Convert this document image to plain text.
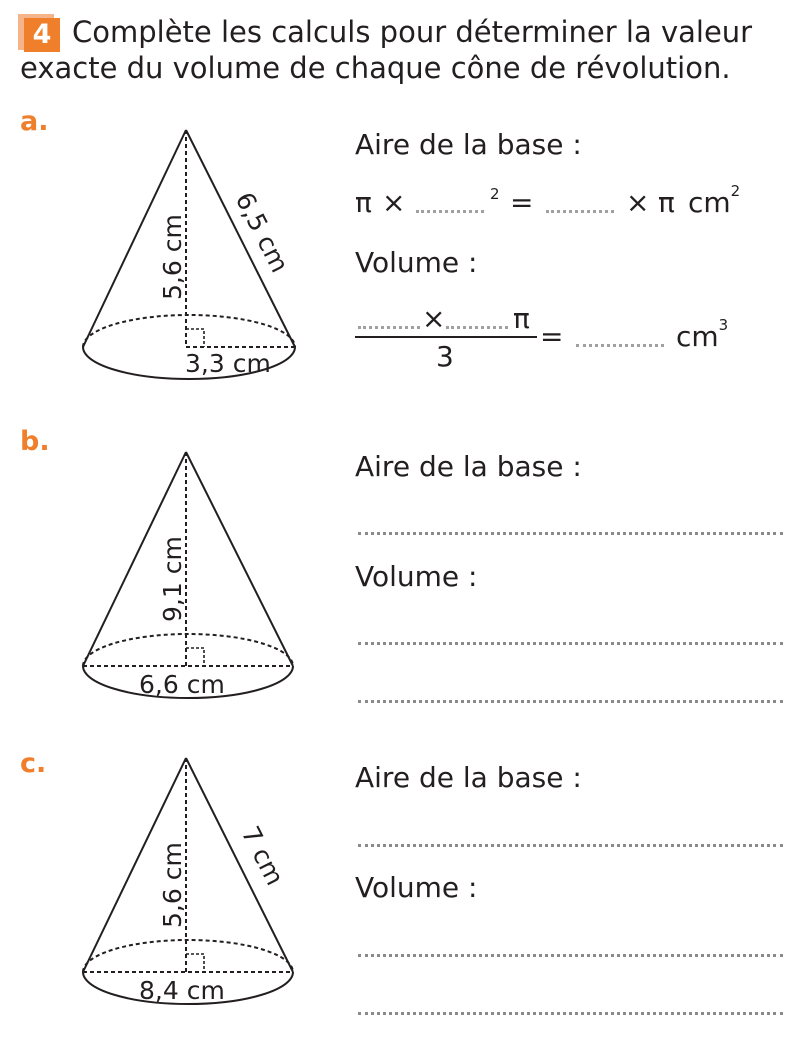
4 Complète les calculs pour déterminer la valeur
exacte du volume de chaque cône de révolution.
a.
5,6 cm 6,5 cm
3,3 cm
Aire de la base :
π ×	2 =	× π $cm^2$
Volume :
× π
3
=	$cm^3$
b.
9,1 cm
6,6 cm
Aire de la base :
Volume :
c.
5,6 cm 7 cm
8,4 cm
Aire de la base :
Volume :
